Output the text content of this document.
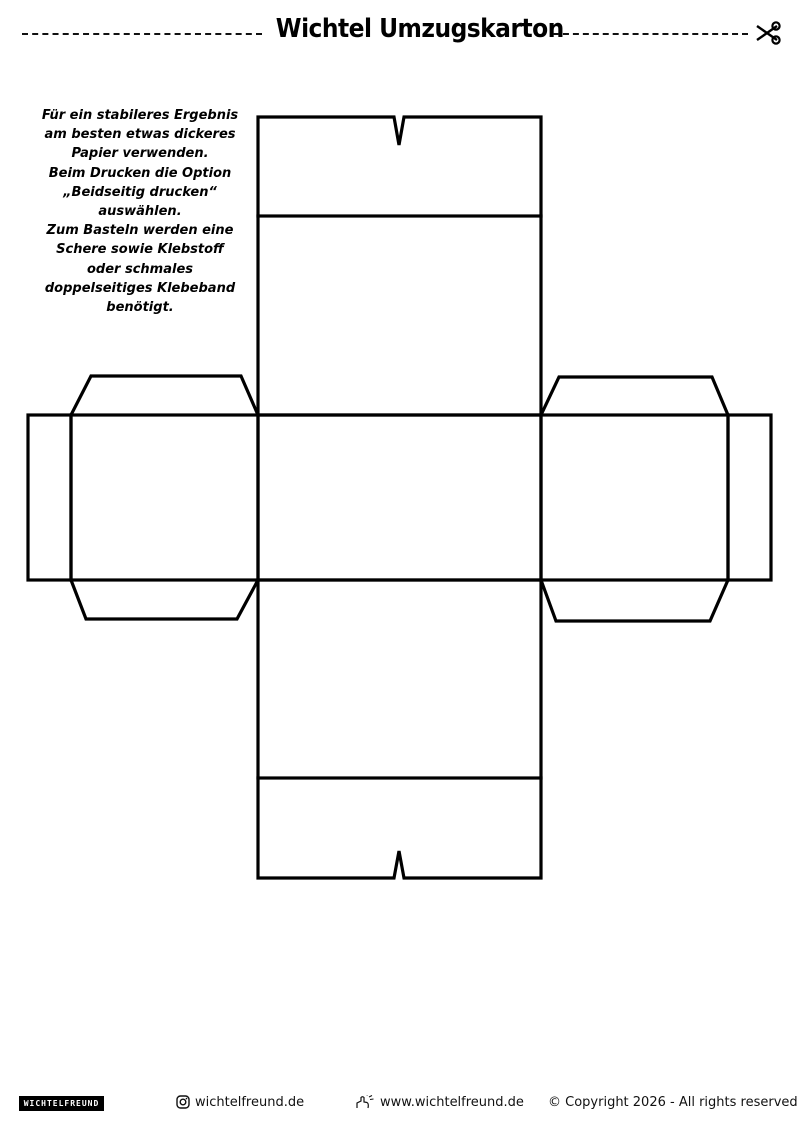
Wichtel Umzugskarton
Für ein stabileres Ergebnis
am besten etwas dickeres
Papier verwenden.
Beim Drucken die Option
„Beidseitig drucken“
auswählen.
Zum Basteln werden eine
Schere sowie Klebstoff
oder schmales
doppelseitiges Klebeband
benötigt.
WICHTELFREUND	wichtelfreund.de	www.wichtelfreund.de © Copyright 2026 - All rights reserved
